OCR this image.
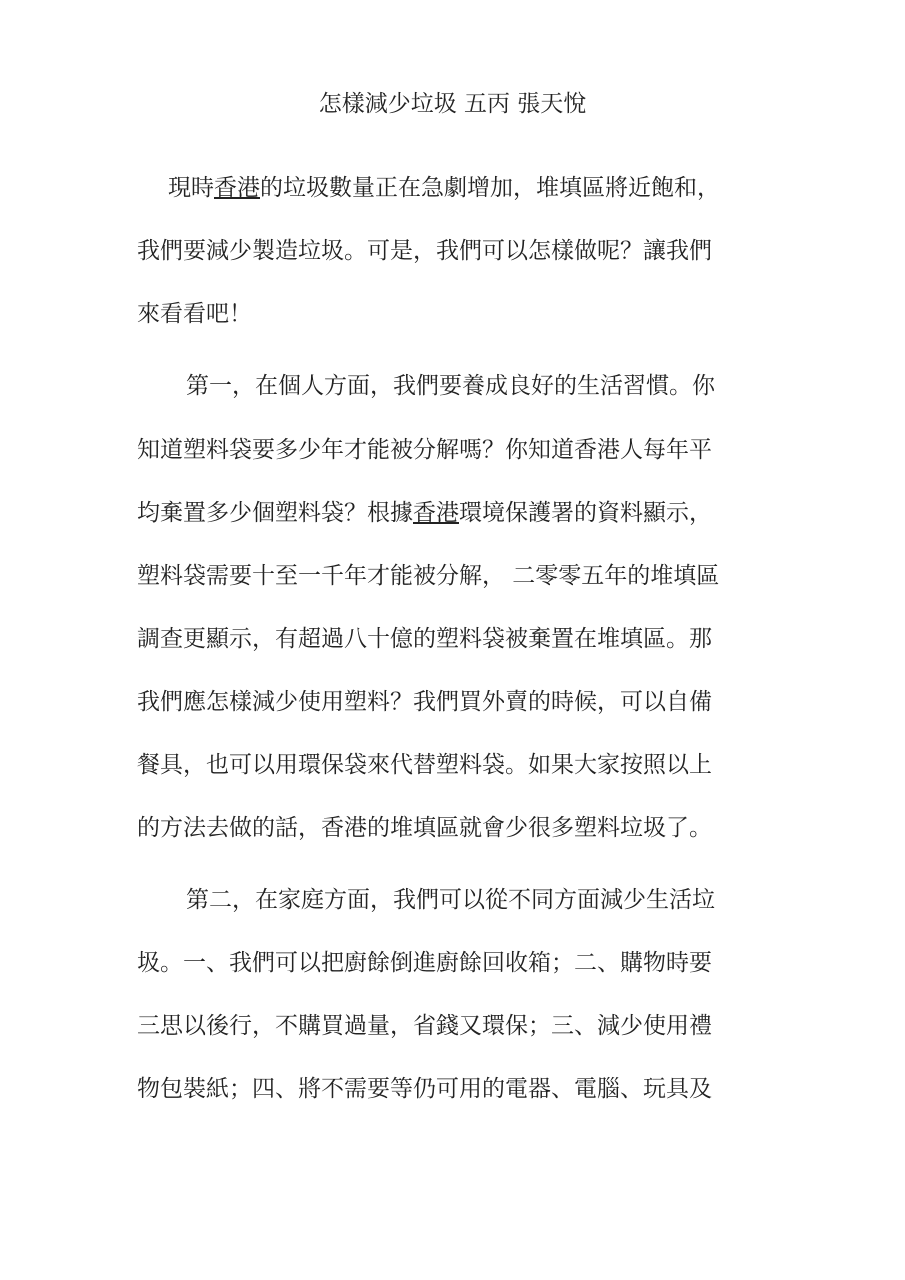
怎樣減少垃圾 五丙 張天悅

現時香港的垃圾數量正在急劇增加，堆填區將近飽和，

我們要減少製造垃圾。可是，我們可以怎樣做呢？讓我們

來看看吧！

第一，在個人方面，我們要養成良好的生活習慣。你

知道塑料袋要多少年才能被分解嗎？你知道香港人每年平

均棄置多少個塑料袋？根據香港環境保護署的資料顯示，

塑料袋需要十至一千年才能被分解， 二零零五年的堆填區

調查更顯示，有超過八十億的塑料袋被棄置在堆填區。那

我們應怎樣減少使用塑料？我們買外賣的時候，可以自備

餐具，也可以用環保袋來代替塑料袋。如果大家按照以上

的方法去做的話，香港的堆填區就會少很多塑料垃圾了。

第二，在家庭方面，我們可以從不同方面減少生活垃

圾。一、我們可以把廚餘倒進廚餘回收箱；二、購物時要

三思以後行，不購買過量，省錢又環保；三、減少使用禮

物包裝紙；四、將不需要等仍可用的電器、電腦、玩具及
